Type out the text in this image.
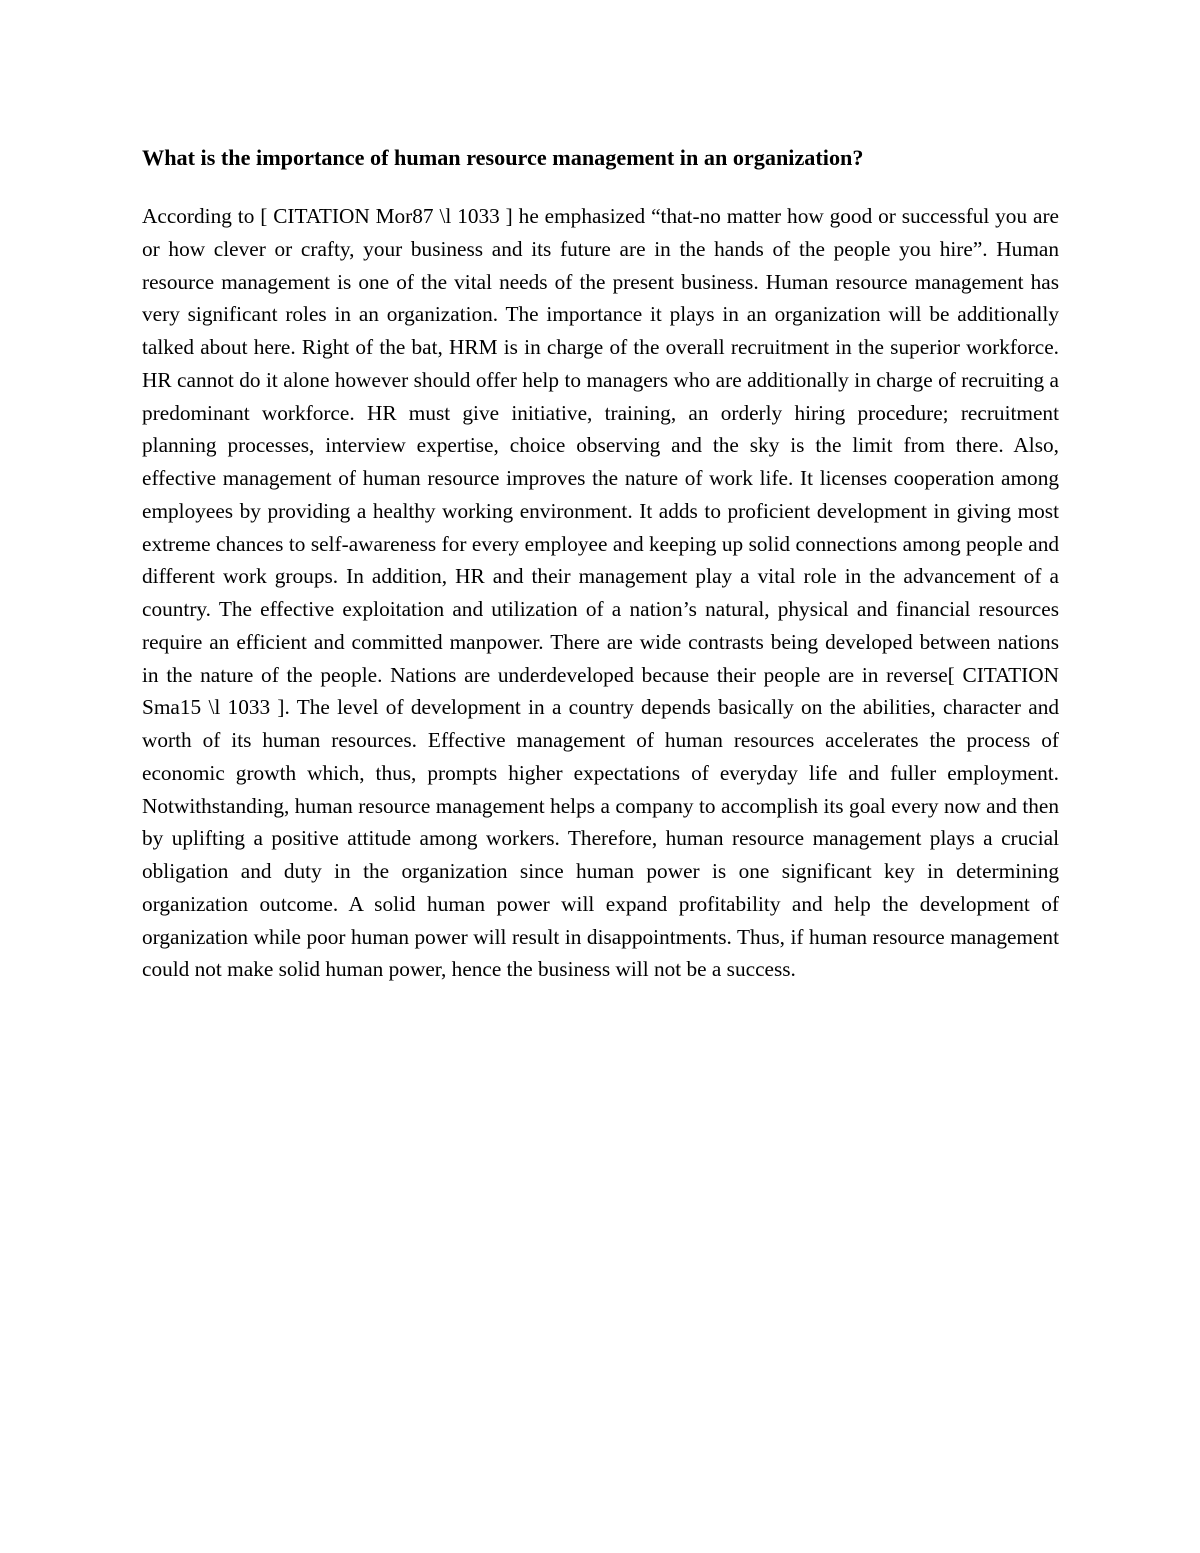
What is the importance of human resource management in an organization?

According to [ CITATION Mor87 \l 1033 ] he emphasized “that-no matter how good or successful you are or how clever or crafty, your business and its future are in the hands of the people you hire”. Human resource management is one of the vital needs of the present business. Human resource management has very significant roles in an organization. The importance it plays in an organization will be additionally talked about here. Right of the bat, HRM is in charge of the overall recruitment in the superior workforce. HR cannot do it alone however should offer help to managers who are additionally in charge of recruiting a predominant workforce. HR must give initiative, training, an orderly hiring procedure; recruitment planning processes, interview expertise, choice observing and the sky is the limit from there. Also, effective management of human resource improves the nature of work life. It licenses cooperation among employees by providing a healthy working environment. It adds to proficient development in giving most extreme chances to self-awareness for every employee and keeping up solid connections among people and different work groups. In addition, HR and their management play a vital role in the advancement of a country. The effective exploitation and utilization of a nation’s natural, physical and financial resources require an efficient and committed manpower. There are wide contrasts being developed between nations in the nature of the people. Nations are underdeveloped because their people are in reverse[ CITATION Sma15 \l 1033 ]. The level of development in a country depends basically on the abilities, character and worth of its human resources. Effective management of human resources accelerates the process of economic growth which, thus, prompts higher expectations of everyday life and fuller employment. Notwithstanding, human resource management helps a company to accomplish its goal every now and then by uplifting a positive attitude among workers. Therefore, human resource management plays a crucial obligation and duty in the organization since human power is one significant key in determining organization outcome. A solid human power will expand profitability and help the development of organization while poor human power will result in disappointments. Thus, if human resource management could not make solid human power, hence the business will not be a success.
